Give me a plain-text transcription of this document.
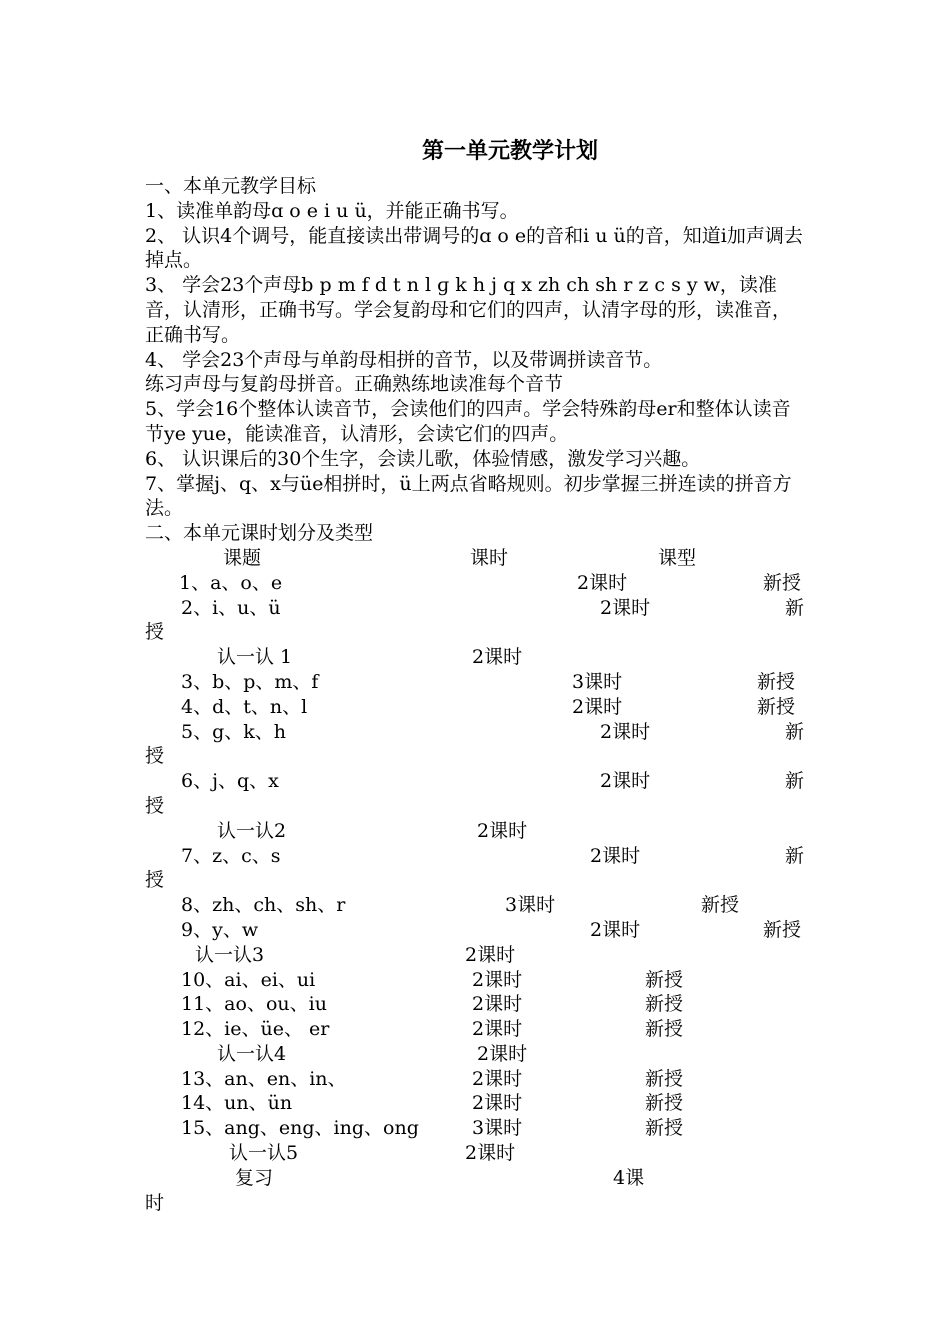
第一单元教学计划
一、本单元教学目标
1、读准单韵母ɑ o e i u ü，并能正确书写。
2、 认识4个调号，能直接读出带调号的ɑ o e的音和i u ü的音，知道i加声调去掉点。
3、 学会23个声母b p m f d t n l ɡ k h j q x zh ch sh r z c s y w，读准音，认清形，正确书写。学会复韵母和它们的四声，认清字母的形，读准音，正确书写。
4、 学会23个声母与单韵母相拼的音节，以及带调拼读音节。
练习声母与复韵母拼音。正确熟练地读准每个音节
5、学会16个整体认读音节，会读他们的四声。学会特殊韵母er和整体认读音节ye yue，能读准音，认清形，会读它们的四声。
6、 认识课后的30个生字，会读儿歌，体验情感，激发学习兴趣。
7、掌握j、q、x与üe相拼时，ü上两点省略规则。初步掌握三拼连读的拼音方法。
二、本单元课时划分及类型
课题	课时	课型
1、a、o、e	2课时	新授
2、i、u、ü	2课时	新
授
认一认 1	2课时
3、b、p、m、f	3课时	新授
4、d、t、n、l	2课时	新授
5、g、k、h	2课时	新
授
6、j、q、x	2课时	新
授
认一认2	2课时
7、z、c、s	2课时	新
授
8、zh、ch、sh、r	3课时	新授
9、y、w	2课时	新授
认一认3	2课时
10、ai、ei、ui	2课时	新授
11、ao、ou、iu	2课时	新授
12、ie、üe、 er	2课时	新授
认一认4	2课时
13、an、en、in、	2课时	新授
14、un、ün	2课时	新授
15、ang、eng、ing、ong	3课时	新授
认一认5	2课时
复习	4课
时
